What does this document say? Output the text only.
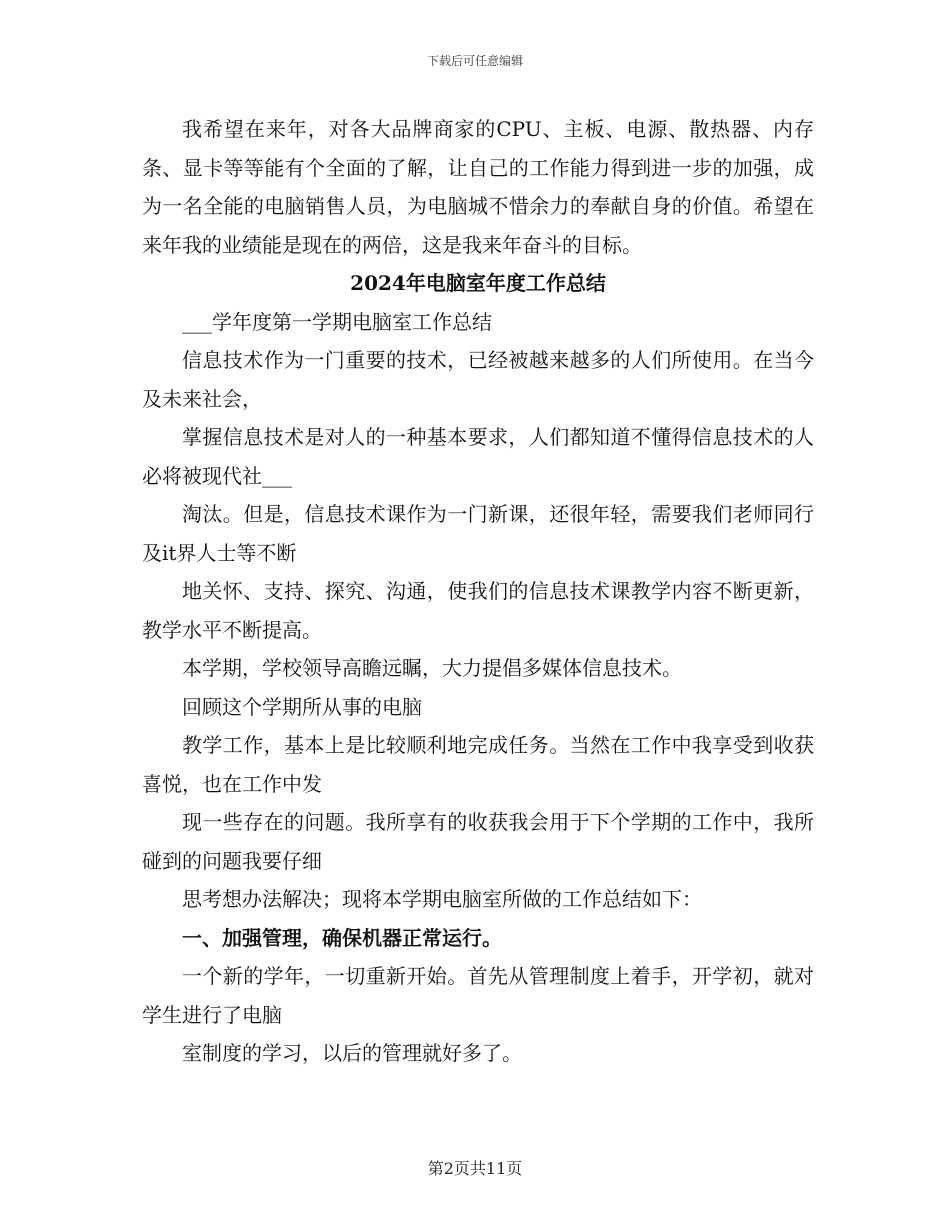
下载后可任意编辑

我希望在来年，对各大品牌商家的CPU、主板、电源、散热器、内存条、显卡等等能有个全面的了解，让自己的工作能力得到进一步的加强，成为一名全能的电脑销售人员，为电脑城不惜余力的奉献自身的价值。希望在来年我的业绩能是现在的两倍，这是我来年奋斗的目标。

2024年电脑室年度工作总结

___学年度第一学期电脑室工作总结

信息技术作为一门重要的技术，已经被越来越多的人们所使用。在当今及未来社会，

掌握信息技术是对人的一种基本要求，人们都知道不懂得信息技术的人必将被现代社___

淘汰。但是，信息技术课作为一门新课，还很年轻，需要我们老师同行及it界人士等不断

地关怀、支持、探究、沟通，使我们的信息技术课教学内容不断更新，教学水平不断提高。

本学期，学校领导高瞻远瞩，大力提倡多媒体信息技术。

回顾这个学期所从事的电脑

教学工作，基本上是比较顺利地完成任务。当然在工作中我享受到收获喜悦，也在工作中发

现一些存在的问题。我所享有的收获我会用于下个学期的工作中，我所碰到的问题我要仔细

思考想办法解决；现将本学期电脑室所做的工作总结如下：

一、加强管理，确保机器正常运行。

一个新的学年，一切重新开始。首先从管理制度上着手，开学初，就对学生进行了电脑

室制度的学习，以后的管理就好多了。

第2页共11页
